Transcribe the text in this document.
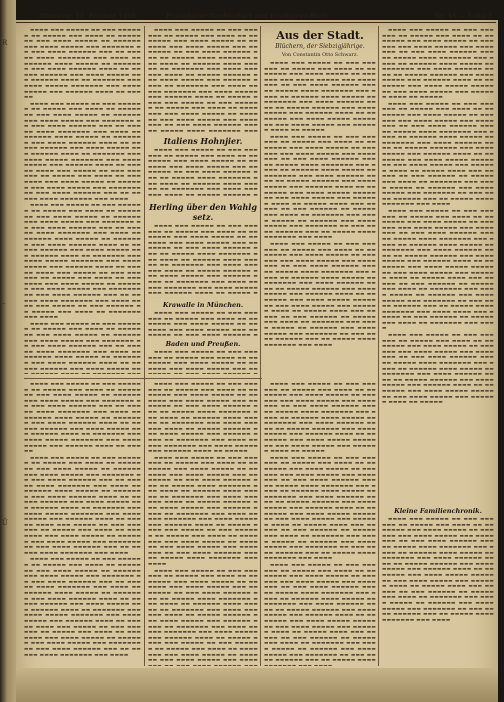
R
–
Ü
Dienstag, 12. Februar 1918.	Frankfurter Nachrichten und Intelligenz-Blatt	Nr. 43 — Seite 3

▬▬▬▬ ▬▬▬ ▬▬▬▬▬ ▬▬ ▬▬▬ ▬▬▬▬▬▬ ▬▬ ▬▬▬▬▬ ▬▬▬ ▬▬▬▬ ▬▬ ▬▬▬▬▬▬▬ ▬▬▬ ▬▬▬▬ ▬▬▬▬▬ ▬▬ ▬▬▬▬▬▬ ▬▬▬ ▬▬▬▬ ▬▬▬▬▬ ▬▬▬ ▬▬▬▬▬▬▬ ▬▬ ▬▬▬ ▬▬▬▬ ▬▬▬▬▬▬ ▬▬▬ ▬▬ ▬▬▬▬▬ ▬▬▬▬ ▬▬▬▬▬▬▬ ▬▬▬ ▬▬▬▬ ▬▬ ▬▬▬▬▬▬ ▬▬▬▬ ▬▬▬▬▬ ▬▬ ▬▬▬▬▬▬▬ ▬▬▬ ▬▬▬▬ ▬▬▬▬▬▬ ▬▬▬▬ ▬▬ ▬▬▬▬▬ ▬▬▬▬▬▬ ▬▬▬ ▬▬▬▬ ▬▬▬▬▬ ▬▬▬ ▬▬▬▬▬▬ ▬▬▬▬ ▬▬ ▬▬▬▬▬▬▬ ▬▬▬ ▬▬▬▬ ▬▬▬▬▬ ▬▬▬▬▬▬▬ ▬▬▬ ▬▬▬▬ ▬▬▬▬▬ ▬▬▬ ▬▬▬▬▬▬ ▬▬▬▬ ▬▬ ▬▬▬▬▬

▬▬▬▬ ▬▬▬ ▬▬▬▬▬ ▬▬ ▬▬▬ ▬▬▬▬▬▬ ▬▬ ▬▬▬▬▬ ▬▬▬ ▬▬▬▬ ▬▬ ▬▬▬▬▬▬▬ ▬▬▬ ▬▬▬▬ ▬▬▬▬▬ ▬▬ ▬▬▬▬▬▬ ▬▬▬ ▬▬▬▬ ▬▬▬▬▬ ▬▬▬ ▬▬▬▬▬▬▬ ▬▬ ▬▬▬ ▬▬▬▬ ▬▬▬▬▬▬ ▬▬▬ ▬▬ ▬▬▬▬▬ ▬▬▬▬ ▬▬▬▬▬▬▬ ▬▬▬ ▬▬▬▬ ▬▬ ▬▬▬▬▬▬ ▬▬▬▬ ▬▬▬▬▬ ▬▬ ▬▬▬▬▬▬▬ ▬▬▬ ▬▬▬▬ ▬▬▬▬▬▬ ▬▬▬▬ ▬▬ ▬▬▬▬▬ ▬▬▬▬▬▬ ▬▬▬ ▬▬▬▬ ▬▬▬▬▬ ▬▬▬ ▬▬▬▬▬▬ ▬▬▬▬ ▬▬ ▬▬▬▬▬▬▬ ▬▬▬ ▬▬▬▬ ▬▬▬▬▬ ▬▬▬▬▬▬▬ ▬▬▬ ▬▬▬▬ ▬▬▬▬▬ ▬▬▬ ▬▬▬▬▬▬ ▬▬▬▬ ▬▬ ▬▬▬▬▬ ▬▬▬▬ ▬▬▬ ▬▬▬▬▬ ▬▬ ▬▬▬ ▬▬▬▬▬▬ ▬▬ ▬▬▬▬▬ ▬▬▬ ▬▬▬▬ ▬▬ ▬▬▬▬▬▬▬ ▬▬▬ ▬▬▬▬ ▬▬▬▬▬ ▬▬ ▬▬▬▬▬▬ ▬▬▬ ▬▬▬▬ ▬▬▬▬▬ ▬▬▬ ▬▬▬▬▬▬▬ ▬▬ ▬▬▬ ▬▬▬▬ ▬▬▬▬▬▬ ▬▬▬ ▬▬ ▬▬▬▬▬ ▬▬▬▬ ▬▬▬▬▬▬▬ ▬▬▬ ▬▬▬▬

▬▬▬▬ ▬▬▬ ▬▬▬▬▬ ▬▬ ▬▬▬ ▬▬▬▬▬▬ ▬▬ ▬▬▬▬▬ ▬▬▬ ▬▬▬▬ ▬▬ ▬▬▬▬▬▬▬ ▬▬▬ ▬▬▬▬ ▬▬▬▬▬ ▬▬ ▬▬▬▬▬▬ ▬▬▬ ▬▬▬▬ ▬▬▬▬▬ ▬▬▬ ▬▬▬▬▬▬▬ ▬▬ ▬▬▬ ▬▬▬▬ ▬▬▬▬▬▬ ▬▬▬ ▬▬ ▬▬▬▬▬ ▬▬▬▬ ▬▬▬▬▬▬▬ ▬▬▬ ▬▬▬▬ ▬▬ ▬▬▬▬▬▬ ▬▬▬▬ ▬▬▬▬▬ ▬▬ ▬▬▬▬▬▬▬ ▬▬▬ ▬▬▬▬ ▬▬▬▬▬▬ ▬▬▬▬ ▬▬ ▬▬▬▬▬ ▬▬▬▬▬▬ ▬▬▬ ▬▬▬▬ ▬▬▬▬▬ ▬▬▬ ▬▬▬▬▬▬ ▬▬▬▬ ▬▬ ▬▬▬▬▬▬▬ ▬▬▬ ▬▬▬▬ ▬▬▬▬▬ ▬▬▬▬▬▬▬ ▬▬▬ ▬▬▬▬ ▬▬▬▬▬ ▬▬▬ ▬▬▬▬▬▬ ▬▬▬▬ ▬▬ ▬▬▬▬▬ ▬▬▬▬ ▬▬▬ ▬▬▬▬▬ ▬▬ ▬▬▬ ▬▬▬▬▬▬ ▬▬ ▬▬▬▬▬ ▬▬▬ ▬▬▬▬ ▬▬ ▬▬▬▬▬▬▬ ▬▬▬ ▬▬▬▬ ▬▬▬▬▬ ▬▬ ▬▬▬▬▬▬ ▬▬▬ ▬▬▬▬ ▬▬▬▬▬ ▬▬▬ ▬▬▬▬▬▬▬ ▬▬ ▬▬▬ ▬▬▬▬ ▬▬▬▬▬▬ ▬▬▬ ▬▬ ▬▬▬▬▬ ▬▬▬▬ ▬▬▬▬▬▬▬ ▬▬▬ ▬▬▬▬ ▬▬▬▬ ▬▬▬ ▬▬▬▬▬ ▬▬ ▬▬▬ ▬▬▬▬▬▬ ▬▬ ▬▬▬▬▬ ▬▬▬ ▬▬▬▬ ▬▬ ▬▬▬▬▬▬▬ ▬▬▬ ▬▬▬▬

▬▬▬▬ ▬▬▬ ▬▬▬▬▬ ▬▬ ▬▬▬ ▬▬▬▬▬▬ ▬▬ ▬▬▬▬▬ ▬▬▬ ▬▬▬▬ ▬▬ ▬▬▬▬▬▬▬ ▬▬▬ ▬▬▬▬ ▬▬▬▬▬ ▬▬ ▬▬▬▬▬▬ ▬▬▬ ▬▬▬▬ ▬▬▬▬▬ ▬▬▬ ▬▬▬▬▬▬▬ ▬▬ ▬▬▬ ▬▬▬▬ ▬▬▬▬▬▬ ▬▬▬ ▬▬ ▬▬▬▬▬ ▬▬▬▬ ▬▬▬▬▬▬▬ ▬▬▬ ▬▬▬▬ ▬▬ ▬▬▬▬▬▬ ▬▬▬▬ ▬▬▬▬▬ ▬▬ ▬▬▬▬▬▬▬ ▬▬▬ ▬▬▬▬ ▬▬▬▬▬▬ ▬▬▬▬ ▬▬ ▬▬▬▬▬ ▬▬▬▬▬▬ ▬▬▬ ▬▬▬▬ ▬▬▬▬▬ ▬▬

▬▬▬▬ ▬▬▬ ▬▬▬▬▬ ▬▬ ▬▬▬ ▬▬▬▬▬▬ ▬▬ ▬▬▬▬▬ ▬▬▬ ▬▬▬▬ ▬▬ ▬▬▬▬▬▬▬ ▬▬▬ ▬▬▬▬ ▬▬▬▬▬ ▬▬ ▬▬▬▬▬▬ ▬▬▬ ▬▬▬▬ ▬▬▬▬▬ ▬▬▬ ▬▬▬▬▬▬▬ ▬▬ ▬▬▬ ▬▬▬▬ ▬▬▬▬▬▬ ▬▬▬ ▬▬ ▬▬▬▬▬ ▬▬▬▬ ▬▬▬▬▬▬▬ ▬▬▬ ▬▬▬▬ ▬▬ ▬▬▬▬▬▬ ▬▬▬▬ ▬▬▬▬▬ ▬▬ ▬▬▬▬▬▬▬ ▬▬▬ ▬▬▬▬ ▬▬▬▬▬▬ ▬▬▬▬ ▬▬ ▬▬▬▬▬ ▬▬▬▬▬▬ ▬▬▬ ▬▬▬▬ ▬▬▬▬▬ ▬▬▬ ▬▬▬▬▬▬ ▬▬▬▬ ▬▬ ▬▬▬▬▬▬▬ ▬▬▬ ▬▬▬▬ ▬▬▬▬▬ ▬▬▬▬▬▬▬ ▬▬▬ ▬▬▬▬ ▬▬▬▬▬ ▬▬▬ ▬▬▬▬▬▬ ▬▬▬▬ ▬▬ ▬▬▬▬▬ ▬▬▬▬ ▬▬▬ ▬▬▬▬▬ ▬▬ ▬▬▬ ▬▬▬▬▬▬ ▬▬ ▬▬▬▬▬ ▬▬▬ ▬▬▬▬ ▬▬ ▬▬▬▬▬▬▬ ▬▬▬ ▬▬▬▬ ▬▬▬▬▬ ▬▬ ▬▬▬▬▬▬ ▬▬▬ ▬▬▬▬ ▬▬▬▬▬ ▬▬▬ ▬▬▬▬▬▬▬ ▬▬ ▬▬▬ ▬▬▬▬ ▬▬▬▬▬▬ ▬▬▬ ▬▬ ▬▬▬▬▬ ▬▬▬▬ ▬▬▬▬▬▬▬ ▬▬▬

Italiens Hohnjier.

▬▬▬▬ ▬▬▬ ▬▬▬▬▬ ▬▬ ▬▬▬ ▬▬▬▬▬▬ ▬▬ ▬▬▬▬▬ ▬▬▬ ▬▬▬▬ ▬▬ ▬▬▬▬▬▬▬ ▬▬▬ ▬▬▬▬ ▬▬▬▬▬ ▬▬ ▬▬▬▬▬▬ ▬▬▬ ▬▬▬▬ ▬▬▬▬▬ ▬▬▬ ▬▬▬▬▬▬▬ ▬▬ ▬▬▬ ▬▬▬▬ ▬▬▬▬▬▬ ▬▬▬ ▬▬ ▬▬▬▬▬ ▬▬▬▬ ▬▬▬▬▬▬▬ ▬▬▬ ▬▬▬▬ ▬▬ ▬▬▬▬▬▬ ▬▬▬▬ ▬▬▬▬▬ ▬▬ ▬▬▬▬▬▬▬ ▬▬▬ ▬▬▬▬ ▬▬▬▬▬▬ ▬▬▬▬ ▬▬ ▬▬▬▬▬ ▬▬▬▬▬▬ ▬

Herling über den Wahlgsetz.

▬▬▬▬ ▬▬▬ ▬▬▬▬▬ ▬▬ ▬▬▬ ▬▬▬▬▬▬ ▬▬ ▬▬▬▬▬ ▬▬▬ ▬▬▬▬ ▬▬ ▬▬▬▬▬▬▬ ▬▬▬ ▬▬▬▬ ▬▬▬▬▬ ▬▬ ▬▬▬▬▬▬ ▬▬▬ ▬▬▬▬ ▬▬▬▬▬ ▬▬▬ ▬▬▬▬▬▬▬ ▬▬ ▬▬▬ ▬▬▬▬ ▬▬▬▬▬▬ ▬▬▬ ▬▬ ▬▬▬▬▬ ▬▬▬▬ ▬▬▬▬▬▬▬ ▬▬▬ ▬▬▬▬ ▬▬ ▬▬▬▬▬▬ ▬▬▬▬ ▬▬▬▬▬ ▬▬ ▬▬▬▬▬▬▬ ▬▬▬ ▬▬▬▬ ▬▬▬▬▬▬ ▬▬▬▬ ▬▬ ▬▬▬▬▬ ▬▬▬▬▬▬ ▬▬▬ ▬▬▬▬ ▬▬▬▬▬ ▬▬▬ ▬▬▬▬▬▬ ▬▬▬▬ ▬▬ ▬▬▬▬▬▬▬ ▬▬▬ ▬▬▬▬ ▬▬▬▬▬ ▬▬▬▬▬▬▬ ▬▬▬ ▬▬▬▬ ▬▬▬▬▬ ▬▬▬ ▬▬▬▬▬▬ ▬▬▬▬ ▬▬ ▬▬▬▬▬ ▬

Krawalle in München.

▬▬▬▬ ▬▬▬ ▬▬▬▬▬ ▬▬ ▬▬▬ ▬▬▬▬▬▬ ▬▬ ▬▬▬▬▬ ▬▬▬ ▬▬▬▬ ▬▬ ▬▬▬▬▬▬▬ ▬▬▬ ▬▬▬▬ ▬▬▬▬▬ ▬▬ ▬▬▬▬▬▬ ▬▬▬ ▬▬▬▬ ▬▬▬▬▬ ▬▬▬ ▬▬▬▬▬▬▬ ▬▬ ▬▬▬ ▬▬▬▬ ▬▬▬▬▬▬ ▬

Baden und Preußen.

▬▬▬▬ ▬▬▬ ▬▬▬▬▬ ▬▬ ▬▬▬ ▬▬▬▬▬▬ ▬▬ ▬▬▬▬▬ ▬▬▬ ▬▬▬▬ ▬▬ ▬▬▬▬▬▬▬ ▬▬▬ ▬▬▬▬ ▬▬▬▬▬ ▬▬ ▬▬▬▬▬▬ ▬▬▬ ▬▬▬▬ ▬▬▬▬▬ ▬▬▬ ▬▬

Aus der Stadt.
Blüchern, der Siebzigjährige.
Von Constantin Otto Schwarz.

▬▬▬▬ ▬▬▬ ▬▬▬▬▬ ▬▬ ▬▬▬ ▬▬▬▬▬▬ ▬▬ ▬▬▬▬▬ ▬▬▬ ▬▬▬▬ ▬▬ ▬▬▬▬▬▬▬ ▬▬▬ ▬▬▬▬ ▬▬▬▬▬ ▬▬ ▬▬▬▬▬▬ ▬▬▬ ▬▬▬▬ ▬▬▬▬▬ ▬▬▬ ▬▬▬▬▬▬▬ ▬▬ ▬▬▬ ▬▬▬▬ ▬▬▬▬▬▬ ▬▬▬ ▬▬ ▬▬▬▬▬ ▬▬▬▬ ▬▬▬▬▬▬▬ ▬▬▬ ▬▬▬▬ ▬▬ ▬▬▬▬▬▬ ▬▬▬▬ ▬▬▬▬▬ ▬▬ ▬▬▬▬▬▬▬ ▬▬▬ ▬▬▬▬ ▬▬▬▬▬▬ ▬▬▬▬ ▬▬ ▬▬▬▬▬ ▬▬▬▬▬▬ ▬▬▬ ▬▬▬▬ ▬▬▬▬▬ ▬▬▬ ▬▬▬▬▬▬ ▬▬▬▬ ▬▬ ▬▬▬▬▬▬▬ ▬▬▬ ▬▬▬▬ ▬▬▬▬▬ ▬▬▬▬▬▬▬ ▬▬▬ ▬▬▬▬ ▬▬▬▬▬ ▬▬▬ ▬▬▬▬▬▬ ▬▬▬▬ ▬▬ ▬▬▬▬▬

▬▬▬▬ ▬▬▬ ▬▬▬▬▬ ▬▬ ▬▬▬ ▬▬▬▬▬▬ ▬▬ ▬▬▬▬▬ ▬▬▬ ▬▬▬▬ ▬▬ ▬▬▬▬▬▬▬ ▬▬▬ ▬▬▬▬ ▬▬▬▬▬ ▬▬ ▬▬▬▬▬▬ ▬▬▬ ▬▬▬▬ ▬▬▬▬▬ ▬▬▬ ▬▬▬▬▬▬▬ ▬▬ ▬▬▬ ▬▬▬▬ ▬▬▬▬▬▬ ▬▬▬ ▬▬ ▬▬▬▬▬ ▬▬▬▬ ▬▬▬▬▬▬▬ ▬▬▬ ▬▬▬▬ ▬▬ ▬▬▬▬▬▬ ▬▬▬▬ ▬▬▬▬▬ ▬▬ ▬▬▬▬▬▬▬ ▬▬▬ ▬▬▬▬ ▬▬▬▬▬▬ ▬▬▬▬ ▬▬ ▬▬▬▬▬ ▬▬▬▬▬▬ ▬▬▬ ▬▬▬▬ ▬▬▬▬▬ ▬▬▬ ▬▬▬▬▬▬ ▬▬▬▬ ▬▬ ▬▬▬▬▬▬▬ ▬▬▬ ▬▬▬▬ ▬▬▬▬▬ ▬▬▬▬▬▬▬ ▬▬▬ ▬▬▬▬ ▬▬▬▬▬ ▬▬▬ ▬▬▬▬▬▬ ▬▬▬▬ ▬▬ ▬▬▬▬▬ ▬▬▬▬ ▬▬▬ ▬▬▬▬▬ ▬▬ ▬▬▬ ▬▬▬▬▬▬ ▬▬ ▬▬▬▬▬ ▬▬▬ ▬▬▬▬ ▬▬ ▬▬▬▬▬▬▬ ▬▬▬ ▬▬▬▬ ▬▬▬▬▬ ▬▬ ▬▬▬▬▬▬ ▬▬▬ ▬▬▬▬ ▬▬▬▬▬ ▬▬▬ ▬▬▬▬▬▬▬ ▬▬ ▬▬▬ ▬▬▬▬ ▬▬▬▬▬▬ ▬▬▬ ▬▬ ▬▬▬▬▬ ▬▬▬▬ ▬▬▬▬▬▬▬ ▬▬▬ ▬▬▬▬

▬▬▬▬ ▬▬▬ ▬▬▬▬▬ ▬▬ ▬▬▬ ▬▬▬▬▬▬ ▬▬ ▬▬▬▬▬ ▬▬▬ ▬▬▬▬ ▬▬ ▬▬▬▬▬▬▬ ▬▬▬ ▬▬▬▬ ▬▬▬▬▬ ▬▬ ▬▬▬▬▬▬ ▬▬▬ ▬▬▬▬ ▬▬▬▬▬ ▬▬▬ ▬▬▬▬▬▬▬ ▬▬ ▬▬▬ ▬▬▬▬ ▬▬▬▬▬▬ ▬▬▬ ▬▬ ▬▬▬▬▬ ▬▬▬▬ ▬▬▬▬▬▬▬ ▬▬▬ ▬▬▬▬ ▬▬ ▬▬▬▬▬▬ ▬▬▬▬ ▬▬▬▬▬ ▬▬ ▬▬▬▬▬▬▬ ▬▬▬ ▬▬▬▬ ▬▬▬▬▬▬ ▬▬▬▬ ▬▬ ▬▬▬▬▬ ▬▬▬▬▬▬ ▬▬▬ ▬▬▬▬ ▬▬▬▬▬ ▬▬▬ ▬▬▬▬▬▬ ▬▬▬▬ ▬▬ ▬▬▬▬▬▬▬ ▬▬▬ ▬▬▬▬ ▬▬▬▬▬ ▬▬▬▬▬▬▬ ▬▬▬ ▬▬▬▬ ▬▬▬▬▬ ▬▬▬ ▬▬▬▬▬▬ ▬▬▬▬ ▬▬ ▬▬▬▬▬ ▬▬▬▬ ▬▬▬ ▬▬▬▬▬ ▬▬ ▬▬▬ ▬▬▬▬▬▬ ▬▬ ▬▬▬▬▬ ▬▬▬ ▬▬▬▬ ▬▬ ▬▬▬▬▬▬▬ ▬▬▬ ▬▬▬▬ ▬▬▬▬▬ ▬▬ ▬▬▬▬▬▬ ▬▬▬ ▬▬▬▬ ▬▬▬▬▬ ▬▬▬ ▬▬▬▬▬▬▬ ▬▬ ▬▬▬ ▬▬▬▬ ▬▬▬▬▬▬ ▬▬▬ ▬▬ ▬▬▬▬▬ ▬▬▬▬ ▬▬▬▬▬▬▬ ▬▬▬ ▬▬▬▬

▬▬▬▬ ▬▬▬ ▬▬▬▬▬ ▬▬ ▬▬▬ ▬▬▬▬▬▬ ▬▬ ▬▬▬▬▬ ▬▬▬ ▬▬▬▬ ▬▬ ▬▬▬▬▬▬▬ ▬▬▬ ▬▬▬▬ ▬▬▬▬▬ ▬▬ ▬▬▬▬▬▬ ▬▬▬ ▬▬▬▬ ▬▬▬▬▬ ▬▬▬ ▬▬▬▬▬▬▬ ▬▬ ▬▬▬ ▬▬▬▬ ▬▬▬▬▬▬ ▬▬▬ ▬▬ ▬▬▬▬▬ ▬▬▬▬ ▬▬▬▬▬▬▬ ▬▬▬ ▬▬▬▬ ▬▬ ▬▬▬▬▬▬ ▬▬▬▬ ▬▬▬▬▬ ▬▬ ▬▬▬▬▬▬▬ ▬▬▬ ▬▬▬▬ ▬▬▬▬▬▬ ▬▬▬▬ ▬▬ ▬▬▬▬▬ ▬▬▬▬▬▬ ▬▬▬ ▬▬▬▬ ▬▬▬▬▬ ▬▬▬ ▬▬▬▬▬▬ ▬▬▬▬ ▬▬ ▬▬▬▬▬▬▬ ▬▬▬ ▬▬▬▬ ▬▬▬▬▬ ▬▬▬▬▬▬▬ ▬▬▬ ▬▬▬▬ ▬▬▬▬▬ ▬▬▬ ▬▬▬▬▬▬ ▬▬▬▬ ▬▬ ▬▬▬▬▬

▬▬▬▬ ▬▬▬ ▬▬▬▬▬ ▬▬ ▬▬▬ ▬▬▬▬▬▬ ▬▬ ▬▬▬▬▬ ▬▬▬ ▬▬▬▬ ▬▬ ▬▬▬▬▬▬▬ ▬▬▬ ▬▬▬▬ ▬▬▬▬▬ ▬▬ ▬▬▬▬▬▬ ▬▬▬ ▬▬▬▬ ▬▬▬▬▬ ▬▬▬ ▬▬▬▬▬▬▬ ▬▬ ▬▬▬ ▬▬▬▬ ▬▬▬▬▬▬ ▬▬▬ ▬▬ ▬▬▬▬▬ ▬▬▬▬ ▬▬▬▬▬▬▬ ▬▬▬ ▬▬▬▬ ▬▬ ▬▬▬▬▬▬ ▬▬▬▬ ▬▬▬▬▬ ▬▬ ▬▬▬▬▬▬▬ ▬▬▬ ▬▬▬▬ ▬▬▬▬▬▬ ▬▬▬▬ ▬▬ ▬▬▬▬▬ ▬▬▬▬▬▬ ▬▬▬ ▬▬▬▬ ▬▬▬▬▬ ▬▬▬ ▬▬▬▬▬▬ ▬▬▬▬ ▬▬ ▬▬▬▬▬▬▬ ▬▬▬ ▬▬▬▬ ▬▬▬▬▬ ▬▬▬▬▬▬▬ ▬▬▬ ▬▬▬▬ ▬▬▬▬▬ ▬▬▬ ▬▬▬▬▬▬ ▬▬▬▬ ▬▬ ▬▬▬▬▬ ▬▬▬▬ ▬▬▬ ▬▬▬▬▬ ▬▬ ▬▬▬ ▬▬▬▬▬▬ ▬▬ ▬▬▬▬▬ ▬▬▬ ▬▬▬▬ ▬▬ ▬▬▬▬▬▬▬ ▬▬▬ ▬▬▬▬ ▬▬▬▬▬ ▬▬ ▬▬▬▬▬▬ ▬▬▬ ▬▬▬▬ ▬▬▬▬▬ ▬▬▬ ▬▬▬▬▬▬▬ ▬▬ ▬▬▬ ▬▬▬▬ ▬▬▬▬▬▬ ▬▬▬ ▬▬ ▬▬▬▬▬ ▬▬▬▬ ▬▬▬▬▬▬▬ ▬▬▬ ▬▬▬▬

▬▬▬▬ ▬▬▬ ▬▬▬▬▬ ▬▬ ▬▬▬ ▬▬▬▬▬▬ ▬▬ ▬▬▬▬▬ ▬▬▬ ▬▬▬▬ ▬▬ ▬▬▬▬▬▬▬ ▬▬▬ ▬▬▬▬ ▬▬▬▬▬ ▬▬ ▬▬▬▬▬▬ ▬▬▬ ▬▬▬▬ ▬▬▬▬▬ ▬▬▬ ▬▬▬▬▬▬▬ ▬▬ ▬▬▬ ▬▬▬▬ ▬▬▬▬▬▬ ▬▬▬ ▬▬ ▬▬▬▬▬ ▬▬▬▬ ▬▬▬▬▬▬▬ ▬▬▬ ▬▬▬▬ ▬▬ ▬▬▬▬▬▬ ▬▬▬▬ ▬▬▬▬▬ ▬▬ ▬▬▬▬▬▬▬ ▬▬▬ ▬▬▬▬ ▬▬▬▬▬▬ ▬▬▬▬ ▬▬ ▬▬▬▬▬ ▬▬▬▬▬▬ ▬▬▬ ▬▬▬▬ ▬▬▬▬▬ ▬▬▬ ▬▬▬▬▬▬ ▬▬▬▬ ▬▬ ▬▬▬▬▬▬▬ ▬▬▬ ▬▬▬▬ ▬▬▬▬▬ ▬▬▬▬▬▬▬ ▬▬▬ ▬▬▬▬ ▬▬▬▬▬ ▬▬▬ ▬▬▬▬▬▬ ▬▬▬▬ ▬▬ ▬▬▬▬▬ ▬▬▬▬ ▬▬▬ ▬▬▬▬▬ ▬▬ ▬▬▬ ▬▬▬▬▬▬ ▬▬ ▬▬▬▬▬ ▬▬▬ ▬▬▬▬ ▬▬ ▬▬▬▬▬▬▬ ▬▬▬ ▬▬▬▬ ▬▬▬▬▬ ▬▬ ▬▬▬▬▬▬ ▬▬▬ ▬▬▬▬ ▬▬▬▬▬ ▬▬▬ ▬▬▬▬▬▬▬ ▬▬ ▬▬▬ ▬▬▬▬ ▬▬▬▬▬▬ ▬▬▬ ▬▬ ▬▬▬▬▬ ▬▬▬▬ ▬▬▬▬▬▬▬ ▬▬▬ ▬▬▬▬ ▬▬▬▬ ▬▬▬ ▬▬▬▬▬ ▬▬ ▬▬▬ ▬▬▬▬▬▬ ▬▬ ▬▬▬▬▬ ▬▬▬ ▬▬▬▬ ▬▬ ▬▬▬▬▬▬▬ ▬▬▬ ▬▬▬▬

▬▬▬▬ ▬▬▬ ▬▬▬▬▬ ▬▬ ▬▬▬ ▬▬▬▬▬▬ ▬▬ ▬▬▬▬▬ ▬▬▬ ▬▬▬▬ ▬▬ ▬▬▬▬▬▬▬ ▬▬▬ ▬▬▬▬ ▬▬▬▬▬ ▬▬ ▬▬▬▬▬▬ ▬▬▬ ▬▬▬▬ ▬▬▬▬▬ ▬▬▬ ▬▬▬▬▬▬▬ ▬▬ ▬▬▬ ▬▬▬▬ ▬▬▬▬▬▬ ▬▬▬ ▬▬ ▬▬▬▬▬ ▬▬▬▬ ▬▬▬▬▬▬▬ ▬▬▬ ▬▬▬▬ ▬▬ ▬▬▬▬▬▬ ▬▬▬▬ ▬▬▬▬▬ ▬▬ ▬▬▬▬▬▬▬ ▬▬▬ ▬▬▬▬ ▬▬▬▬▬▬ ▬▬▬▬ ▬▬ ▬▬▬▬▬ ▬▬▬▬▬▬ ▬▬▬ ▬▬▬▬ ▬▬▬▬▬ ▬▬▬ ▬▬▬▬▬▬ ▬▬▬▬ ▬▬ ▬▬▬▬▬▬▬ ▬▬▬ ▬▬▬▬ ▬▬▬▬▬ ▬▬▬▬▬▬▬ ▬▬▬ ▬▬▬▬ ▬▬▬▬▬ ▬▬▬ ▬▬▬▬▬▬ ▬▬▬▬ ▬▬ ▬▬▬▬▬

▬▬▬▬ ▬▬▬ ▬▬▬▬▬ ▬▬ ▬▬▬ ▬▬▬▬▬▬ ▬▬ ▬▬▬▬▬ ▬▬▬ ▬▬▬▬ ▬▬ ▬▬▬▬▬▬▬ ▬▬▬ ▬▬▬▬ ▬▬▬▬▬ ▬▬ ▬▬▬▬▬▬ ▬▬▬ ▬▬▬▬ ▬▬▬▬▬ ▬▬▬ ▬▬▬▬▬▬▬ ▬▬ ▬▬▬ ▬▬▬▬ ▬▬▬▬▬▬ ▬▬▬ ▬▬ ▬▬▬▬▬ ▬▬▬▬ ▬▬▬▬▬▬▬ ▬▬▬ ▬▬▬▬ ▬▬ ▬▬▬▬▬▬ ▬▬▬▬ ▬▬▬▬▬ ▬▬ ▬▬▬▬▬▬▬ ▬▬▬ ▬▬▬▬ ▬▬▬▬▬▬ ▬▬▬▬ ▬▬ ▬▬▬▬▬ ▬▬▬▬▬▬ ▬▬▬ ▬▬▬▬ ▬▬▬▬▬ ▬▬▬ ▬▬▬▬▬▬ ▬▬▬▬ ▬▬ ▬▬▬▬▬▬▬ ▬▬▬ ▬▬▬▬ ▬▬▬▬▬ ▬▬▬▬▬▬▬ ▬▬▬ ▬▬▬▬ ▬▬▬▬▬ ▬▬▬ ▬▬▬▬▬▬ ▬▬▬▬ ▬▬ ▬▬▬▬▬

▬▬▬▬ ▬▬▬ ▬▬▬▬▬ ▬▬ ▬▬▬ ▬▬▬▬▬▬ ▬▬ ▬▬▬▬▬ ▬▬▬ ▬▬▬▬ ▬▬ ▬▬▬▬▬▬▬ ▬▬▬ ▬▬▬▬ ▬▬▬▬▬ ▬▬ ▬▬▬▬▬▬ ▬▬▬ ▬▬▬▬ ▬▬▬▬▬ ▬▬▬ ▬▬▬▬▬▬▬ ▬▬ ▬▬▬ ▬▬▬▬ ▬▬▬▬▬▬ ▬▬▬ ▬▬ ▬▬▬▬▬ ▬▬▬▬ ▬▬▬▬▬▬▬ ▬▬▬ ▬▬▬▬ ▬▬ ▬▬▬▬▬▬ ▬▬▬▬ ▬▬▬▬▬ ▬▬ ▬▬▬▬▬▬▬ ▬▬▬ ▬▬▬▬ ▬▬▬▬▬▬ ▬▬▬▬ ▬▬ ▬▬▬▬▬ ▬▬▬▬▬▬ ▬▬▬ ▬▬▬▬ ▬▬▬▬▬ ▬▬▬ ▬▬▬▬▬▬ ▬▬▬▬ ▬▬ ▬▬▬▬▬▬▬ ▬▬▬ ▬▬▬▬ ▬▬▬▬▬ ▬▬▬▬▬▬▬ ▬▬▬ ▬▬▬▬ ▬▬▬▬▬ ▬▬▬ ▬▬▬▬▬▬ ▬▬▬▬ ▬▬ ▬▬▬▬▬ ▬▬▬▬ ▬▬▬ ▬▬▬▬▬ ▬▬ ▬▬▬ ▬▬▬▬▬▬ ▬▬ ▬▬▬▬▬ ▬▬▬ ▬▬▬▬ ▬▬ ▬▬▬▬▬▬▬ ▬▬▬ ▬▬▬▬ ▬▬▬▬▬ ▬▬ ▬▬▬▬▬▬ ▬▬▬ ▬▬▬▬ ▬▬▬▬▬ ▬▬▬ ▬▬▬▬▬▬▬ ▬▬ ▬▬▬ ▬▬▬▬ ▬▬▬▬▬▬ ▬▬▬ ▬▬ ▬▬▬▬▬ ▬▬▬▬ ▬▬▬▬▬▬▬ ▬▬▬ ▬▬▬▬

▬▬▬▬ ▬▬▬ ▬▬▬▬▬ ▬▬ ▬▬▬ ▬▬▬▬▬▬ ▬▬ ▬▬▬▬▬ ▬▬▬ ▬▬▬▬ ▬▬ ▬▬▬▬▬▬▬ ▬▬▬ ▬▬▬▬ ▬▬▬▬▬ ▬▬ ▬▬▬▬▬▬ ▬▬▬ ▬▬▬▬ ▬▬▬▬▬ ▬▬▬ ▬▬▬▬▬▬▬ ▬▬ ▬▬▬ ▬▬▬▬ ▬▬▬▬▬▬ ▬▬▬ ▬▬ ▬▬▬▬▬ ▬▬▬▬ ▬▬▬▬▬▬▬ ▬▬▬ ▬▬▬▬ ▬▬ ▬▬▬▬▬▬ ▬▬▬▬ ▬▬▬▬▬ ▬▬ ▬▬▬▬▬▬▬ ▬▬▬ ▬▬▬▬ ▬▬▬▬▬▬ ▬▬▬▬ ▬▬ ▬▬▬▬▬ ▬▬▬▬▬▬ ▬▬▬ ▬▬▬▬ ▬▬▬▬▬ ▬▬▬ ▬▬▬▬▬▬ ▬▬▬▬ ▬▬ ▬▬▬▬▬▬▬ ▬▬▬ ▬▬▬▬ ▬▬▬▬▬ ▬▬▬▬▬▬▬ ▬▬▬ ▬▬▬▬ ▬▬▬▬▬ ▬▬▬ ▬▬▬▬▬▬ ▬▬▬▬ ▬▬ ▬▬▬▬▬ ▬▬▬▬ ▬▬▬ ▬▬▬▬▬ ▬▬ ▬▬▬ ▬▬▬▬▬▬ ▬▬ ▬▬▬▬▬ ▬▬▬ ▬▬▬▬ ▬▬ ▬▬▬▬▬▬▬ ▬▬▬ ▬▬▬▬ ▬▬▬▬▬ ▬▬ ▬▬▬▬▬▬ ▬▬▬ ▬▬▬▬ ▬▬▬▬▬ ▬▬▬ ▬▬▬▬▬▬▬ ▬▬ ▬▬▬ ▬▬▬▬ ▬▬▬▬▬▬ ▬▬▬ ▬▬ ▬▬▬▬▬ ▬▬▬▬ ▬▬▬▬▬▬▬ ▬▬▬ ▬▬▬▬

▬▬▬▬ ▬▬▬ ▬▬▬▬▬ ▬▬ ▬▬▬ ▬▬▬▬▬▬ ▬▬ ▬▬▬▬▬ ▬▬▬ ▬▬▬▬ ▬▬ ▬▬▬▬▬▬▬ ▬▬▬ ▬▬▬▬ ▬▬▬▬▬ ▬▬ ▬▬▬▬▬▬ ▬▬▬ ▬▬▬▬ ▬▬▬▬▬ ▬▬▬ ▬▬▬▬▬▬▬ ▬▬ ▬▬▬ ▬▬▬▬ ▬▬▬▬▬▬ ▬▬▬ ▬▬ ▬▬▬▬▬ ▬▬▬▬ ▬▬▬▬▬▬▬ ▬▬▬ ▬▬▬▬ ▬▬ ▬▬▬▬▬▬ ▬▬▬▬ ▬▬▬▬▬ ▬▬ ▬▬▬▬▬▬▬ ▬▬▬ ▬▬▬▬ ▬▬▬▬▬▬ ▬▬▬▬ ▬▬ ▬▬▬▬▬ ▬▬▬▬▬▬ ▬▬▬ ▬▬▬▬ ▬▬▬▬▬ ▬▬▬ ▬▬▬▬▬▬ ▬▬▬▬ ▬▬ ▬▬▬▬▬▬▬ ▬▬▬ ▬▬▬▬ ▬▬▬▬▬ ▬▬▬▬▬▬▬ ▬▬▬ ▬▬▬▬ ▬▬▬▬▬ ▬▬▬ ▬▬▬▬▬▬ ▬▬▬▬ ▬▬ ▬▬▬▬▬

▬▬▬▬ ▬▬▬ ▬▬▬▬▬ ▬▬ ▬▬▬ ▬▬▬▬▬▬ ▬▬ ▬▬▬▬▬ ▬▬▬ ▬▬▬▬ ▬▬ ▬▬▬▬▬▬▬ ▬▬▬ ▬▬▬▬ ▬▬▬▬▬ ▬▬ ▬▬▬▬▬▬ ▬▬▬ ▬▬▬▬ ▬▬▬▬▬ ▬▬▬ ▬▬▬▬▬▬▬ ▬▬ ▬▬▬ ▬▬▬▬ ▬▬▬▬▬▬ ▬▬▬ ▬▬ ▬▬▬▬▬ ▬▬▬▬ ▬▬▬▬▬▬▬ ▬▬▬ ▬▬▬▬ ▬▬ ▬▬▬▬▬▬ ▬▬▬▬ ▬▬▬▬▬ ▬▬ ▬▬▬▬▬▬▬ ▬▬▬ ▬▬▬▬ ▬▬▬▬▬▬ ▬▬▬▬ ▬▬ ▬▬▬▬▬ ▬▬▬▬▬▬ ▬▬▬ ▬▬▬▬ ▬▬▬▬▬ ▬▬▬ ▬▬▬▬▬▬ ▬▬▬▬ ▬▬ ▬▬▬▬▬▬▬ ▬▬▬ ▬▬▬▬ ▬▬▬▬▬ ▬▬▬▬▬▬▬ ▬▬▬ ▬▬▬▬ ▬▬▬▬▬ ▬▬▬ ▬▬▬▬▬▬ ▬▬▬▬ ▬▬ ▬▬▬▬▬ ▬▬▬▬ ▬▬▬ ▬▬▬▬▬ ▬▬ ▬▬▬ ▬▬▬▬▬▬ ▬▬ ▬▬▬▬▬ ▬▬▬ ▬▬▬▬ ▬▬ ▬▬▬▬▬▬▬ ▬▬▬ ▬▬▬▬ ▬▬▬▬▬ ▬▬ ▬▬▬▬▬▬ ▬▬▬ ▬▬▬▬ ▬▬▬▬▬ ▬▬▬ ▬▬▬▬▬▬▬ ▬▬ ▬▬▬ ▬▬▬▬ ▬▬▬▬▬▬ ▬▬▬ ▬▬ ▬▬▬▬▬ ▬▬▬▬ ▬▬▬▬▬▬▬ ▬▬▬ ▬▬▬▬

▬▬▬▬ ▬▬▬ ▬▬▬▬▬ ▬▬ ▬▬▬ ▬▬▬▬▬▬ ▬▬ ▬▬▬▬▬ ▬▬▬ ▬▬▬▬ ▬▬ ▬▬▬▬▬▬▬ ▬▬▬ ▬▬▬▬ ▬▬▬▬▬ ▬▬ ▬▬▬▬▬▬ ▬▬▬ ▬▬▬▬ ▬▬▬▬▬ ▬▬▬ ▬▬▬▬▬▬▬ ▬▬ ▬▬▬ ▬▬▬▬ ▬▬▬▬▬▬ ▬▬▬ ▬▬ ▬▬▬▬▬ ▬▬▬▬ ▬▬▬▬▬▬▬ ▬▬▬ ▬▬▬▬ ▬▬ ▬▬▬▬▬▬ ▬▬▬▬ ▬▬▬▬▬ ▬▬ ▬▬▬▬▬▬▬ ▬▬▬ ▬▬▬▬ ▬▬▬▬▬▬ ▬▬▬▬ ▬▬ ▬▬▬▬▬ ▬▬▬▬▬▬ ▬▬▬ ▬▬▬▬ ▬▬▬▬▬ ▬▬▬ ▬▬▬▬▬▬ ▬▬▬▬ ▬▬ ▬▬▬▬▬▬▬ ▬▬▬ ▬▬▬▬ ▬▬▬▬▬ ▬▬▬▬▬▬▬ ▬▬▬ ▬▬▬▬ ▬▬▬▬▬ ▬▬▬ ▬▬▬▬▬▬ ▬▬▬▬ ▬▬ ▬▬▬▬▬ ▬▬▬▬ ▬▬▬ ▬▬▬▬▬ ▬▬ ▬▬▬ ▬▬▬▬▬▬ ▬▬ ▬▬▬▬▬ ▬▬▬ ▬▬▬▬ ▬▬ ▬▬▬▬▬▬▬ ▬▬▬ ▬▬▬▬ ▬▬▬▬▬ ▬▬ ▬▬▬▬▬▬ ▬▬▬ ▬▬▬▬ ▬▬▬▬▬ ▬▬▬ ▬▬▬▬

▬▬▬▬ ▬▬▬ ▬▬▬▬▬ ▬▬ ▬▬▬ ▬▬▬▬▬▬ ▬▬ ▬▬▬▬▬ ▬▬▬ ▬▬▬▬ ▬▬ ▬▬▬▬▬▬▬ ▬▬▬ ▬▬▬▬ ▬▬▬▬▬ ▬▬ ▬▬▬▬▬▬ ▬▬▬ ▬▬▬▬ ▬▬▬▬▬ ▬▬▬ ▬▬▬▬▬▬▬ ▬▬ ▬▬▬ ▬▬▬▬ ▬▬▬▬▬▬ ▬▬▬ ▬▬ ▬▬▬▬▬ ▬▬▬▬ ▬▬▬▬▬▬▬ ▬▬▬ ▬▬▬▬ ▬▬ ▬▬▬▬▬▬ ▬▬▬▬ ▬▬▬▬▬ ▬▬ ▬▬▬▬▬▬▬ ▬▬▬ ▬▬▬▬ ▬▬▬▬▬▬ ▬▬▬▬ ▬▬ ▬▬▬▬▬ ▬▬▬▬▬▬ ▬▬▬ ▬▬▬▬ ▬▬▬▬▬ ▬▬▬ ▬▬▬▬▬▬ ▬▬▬▬ ▬▬ ▬▬▬▬▬▬▬ ▬▬▬ ▬▬▬▬ ▬▬▬▬▬ ▬▬▬▬▬▬▬ ▬▬▬ ▬▬▬▬ ▬▬▬▬▬ ▬▬▬ ▬▬▬▬▬▬ ▬▬▬▬ ▬▬ ▬▬▬▬▬

▬▬▬▬ ▬▬▬ ▬▬▬▬▬ ▬▬ ▬▬▬ ▬▬▬▬▬▬ ▬▬ ▬▬▬▬▬ ▬▬▬ ▬▬▬▬ ▬▬ ▬▬▬▬▬▬▬ ▬▬▬ ▬▬▬▬ ▬▬▬▬▬ ▬▬ ▬▬▬▬▬▬ ▬▬▬ ▬▬▬▬ ▬▬▬▬▬ ▬▬▬ ▬▬▬▬▬▬▬ ▬▬ ▬▬▬ ▬▬▬▬ ▬▬▬▬▬▬ ▬▬▬ ▬▬ ▬▬▬▬▬ ▬▬▬▬ ▬▬▬▬▬▬▬ ▬▬▬ ▬▬▬▬ ▬▬ ▬▬▬▬▬▬ ▬▬▬▬ ▬▬▬▬▬ ▬▬ ▬▬▬▬▬▬▬ ▬▬▬ ▬▬▬▬ ▬▬▬▬▬▬ ▬▬▬▬ ▬▬ ▬▬▬▬▬ ▬▬▬▬▬▬ ▬▬▬ ▬▬▬▬ ▬▬▬▬▬ ▬▬▬ ▬▬▬▬▬▬ ▬▬▬▬ ▬▬ ▬▬▬▬▬▬▬ ▬▬▬ ▬▬▬▬ ▬▬▬▬▬ ▬▬▬▬▬▬▬ ▬▬▬ ▬▬▬▬ ▬▬▬▬▬ ▬▬▬ ▬▬▬▬▬▬ ▬▬▬▬ ▬▬ ▬▬▬▬▬ ▬▬▬▬ ▬▬▬ ▬▬▬▬▬ ▬▬ ▬▬▬ ▬▬▬▬▬▬ ▬▬ ▬▬▬▬▬ ▬▬▬ ▬▬▬▬ ▬▬ ▬▬▬▬▬▬▬ ▬▬▬ ▬▬▬▬ ▬▬▬▬▬ ▬▬ ▬▬▬▬▬▬ ▬▬▬ ▬▬▬▬ ▬▬▬▬▬ ▬▬▬ ▬▬▬▬▬▬▬ ▬▬ ▬▬▬ ▬▬▬▬ ▬▬▬▬▬▬ ▬▬▬ ▬▬ ▬▬▬▬▬ ▬▬▬▬ ▬▬▬▬▬▬▬ ▬▬▬ ▬▬▬▬

▬▬▬▬ ▬▬▬ ▬▬▬▬▬ ▬▬ ▬▬▬ ▬▬▬▬▬▬ ▬▬ ▬▬▬▬▬ ▬▬▬ ▬▬▬▬ ▬▬ ▬▬▬▬▬▬▬ ▬▬▬ ▬▬▬▬ ▬▬▬▬▬ ▬▬ ▬▬▬▬▬▬ ▬▬▬ ▬▬▬▬ ▬▬▬▬▬ ▬▬▬ ▬▬▬▬▬▬▬ ▬▬ ▬▬▬ ▬▬▬▬ ▬▬▬▬▬▬ ▬▬▬ ▬▬ ▬▬▬▬▬ ▬▬▬▬ ▬▬▬▬▬▬▬ ▬▬▬ ▬▬▬▬ ▬▬ ▬▬▬▬▬▬ ▬▬▬▬ ▬▬▬▬▬ ▬▬ ▬▬▬▬▬▬▬ ▬▬▬ ▬▬▬▬ ▬▬▬▬▬▬ ▬▬▬▬ ▬▬ ▬▬▬▬▬ ▬▬▬▬▬▬ ▬▬▬ ▬▬▬▬ ▬▬▬▬▬ ▬▬▬ ▬▬▬▬▬▬ ▬▬▬▬ ▬▬ ▬▬▬▬▬▬▬ ▬▬▬ ▬▬▬▬ ▬▬▬▬▬ ▬▬▬▬▬▬▬ ▬▬▬ ▬▬▬▬ ▬▬▬▬▬ ▬▬▬ ▬▬▬▬▬▬ ▬▬▬▬ ▬▬ ▬▬▬▬▬ ▬▬▬▬ ▬▬▬ ▬▬▬▬▬ ▬▬ ▬▬▬ ▬▬▬▬▬▬ ▬▬ ▬▬▬▬▬ ▬▬▬ ▬▬▬▬ ▬▬ ▬▬▬▬▬▬▬ ▬▬▬ ▬▬▬▬ ▬▬▬▬▬ ▬▬ ▬▬▬▬▬▬ ▬▬▬ ▬▬▬▬ ▬▬▬▬▬ ▬▬▬ ▬▬▬▬▬▬▬ ▬▬ ▬▬▬ ▬▬▬▬ ▬▬▬▬▬▬ ▬▬▬ ▬▬ ▬▬▬▬▬ ▬▬▬▬

Kleine Familienchronik.

▬▬▬▬ ▬▬▬ ▬▬▬▬▬ ▬▬ ▬▬▬ ▬▬▬▬▬▬ ▬▬ ▬▬▬▬▬ ▬▬▬ ▬▬▬▬ ▬▬ ▬▬▬▬▬▬▬ ▬▬▬ ▬▬▬▬ ▬▬▬▬▬ ▬▬ ▬▬▬▬▬▬ ▬▬▬ ▬▬▬▬ ▬▬▬▬▬ ▬▬▬ ▬▬▬▬▬▬▬ ▬▬ ▬▬▬ ▬▬▬▬ ▬▬▬▬▬▬ ▬▬▬ ▬▬ ▬▬▬▬▬ ▬▬▬▬ ▬▬▬▬▬▬▬ ▬▬▬ ▬▬▬▬ ▬▬ ▬▬▬▬▬▬ ▬▬▬▬ ▬▬▬▬▬ ▬▬ ▬▬▬▬▬▬▬ ▬▬▬ ▬▬▬▬ ▬▬▬▬▬▬ ▬▬▬▬ ▬▬ ▬▬▬▬▬ ▬▬▬▬▬▬ ▬▬▬ ▬▬▬▬ ▬▬▬▬▬ ▬▬▬ ▬▬▬▬▬▬ ▬▬▬▬ ▬▬ ▬▬▬▬▬▬▬ ▬▬▬ ▬▬▬▬ ▬▬▬▬▬ ▬▬▬▬▬▬▬ ▬▬▬ ▬▬▬▬ ▬▬▬▬▬ ▬▬▬ ▬▬▬▬▬▬ ▬▬▬▬ ▬▬ ▬▬▬▬▬ ▬▬▬▬ ▬▬▬ ▬▬▬▬▬ ▬▬ ▬▬▬ ▬▬▬▬▬▬ ▬▬ ▬▬▬▬▬ ▬▬▬ ▬▬▬▬ ▬▬ ▬▬▬▬▬▬▬ ▬▬▬ ▬▬▬▬ ▬▬▬▬▬ ▬▬ ▬▬▬▬▬▬ ▬▬▬ ▬▬▬▬ ▬▬▬▬▬ ▬▬▬ ▬▬▬▬▬▬▬ ▬▬ ▬▬▬ ▬▬▬▬ ▬▬▬▬▬▬ ▬▬▬ ▬▬ ▬▬▬▬▬ ▬▬▬▬ ▬▬▬▬▬▬▬ ▬▬▬ ▬▬▬▬
